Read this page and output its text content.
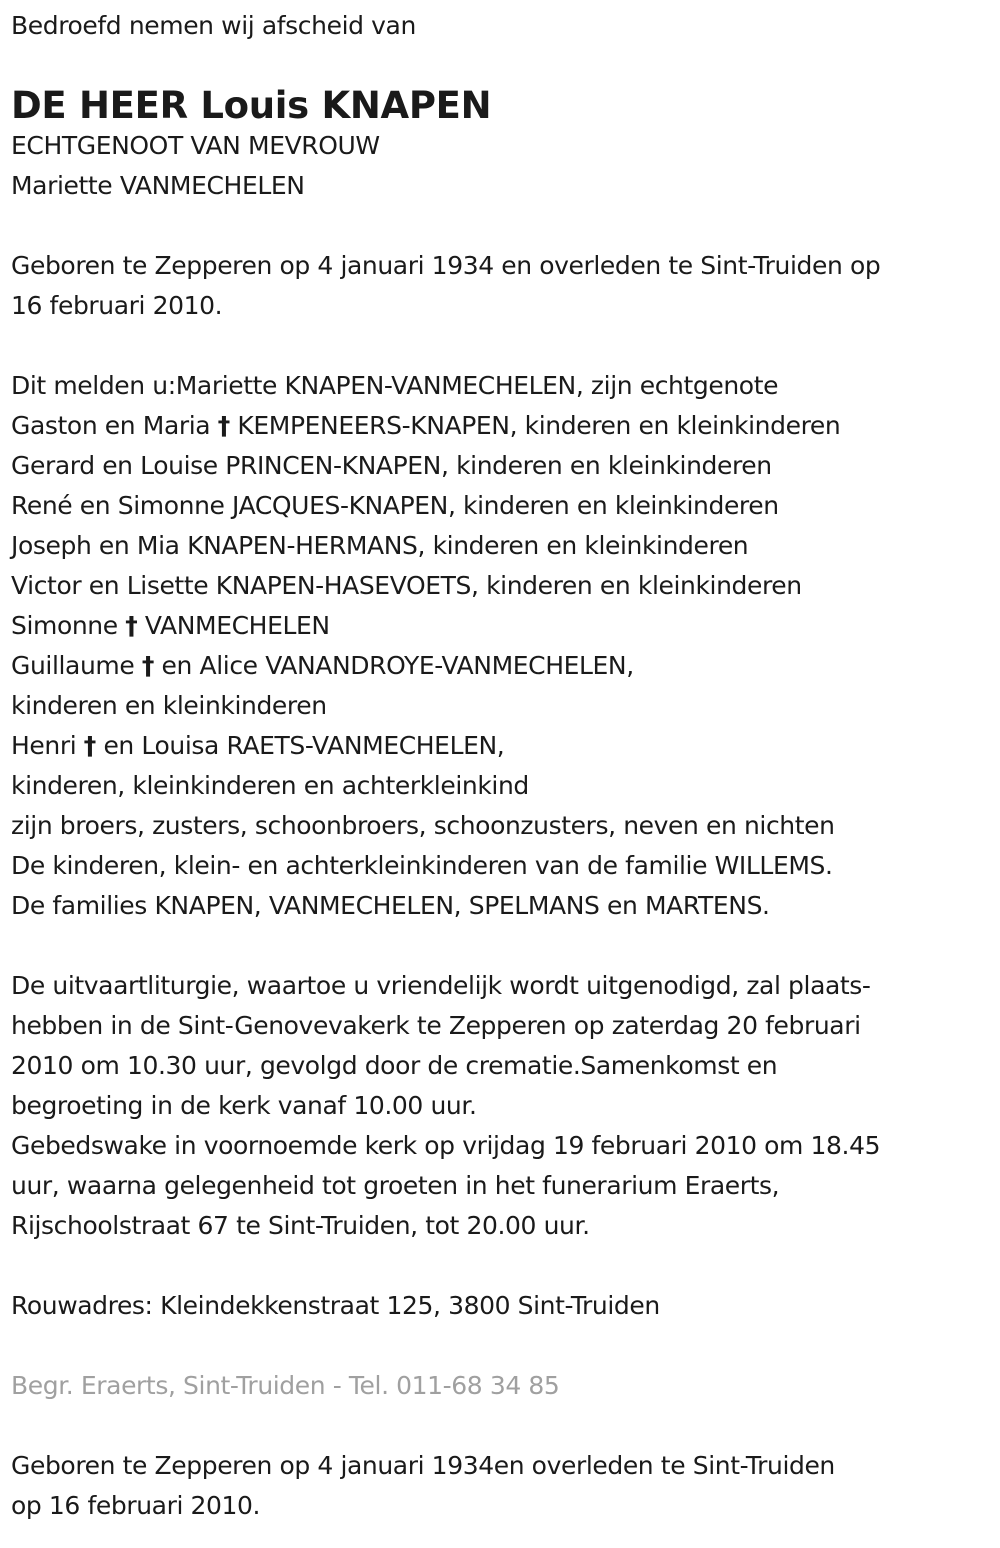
Bedroefd nemen wij afscheid van
DE HEER Louis KNAPEN
ECHTGENOOT VAN MEVROUW
Mariette VANMECHELEN
Geboren te Zepperen op 4 januari 1934 en overleden te Sint-Truiden op
16 februari 2010.
Dit melden u:Mariette KNAPEN-VANMECHELEN, zijn echtgenote
Gaston en Maria † KEMPENEERS-KNAPEN, kinderen en kleinkinderen
Gerard en Louise PRINCEN-KNAPEN, kinderen en kleinkinderen
René en Simonne JACQUES-KNAPEN, kinderen en kleinkinderen
Joseph en Mia KNAPEN-HERMANS, kinderen en kleinkinderen
Victor en Lisette KNAPEN-HASEVOETS, kinderen en kleinkinderen
Simonne † VANMECHELEN
Guillaume † en Alice VANANDROYE-VANMECHELEN,
kinderen en kleinkinderen
Henri † en Louisa RAETS-VANMECHELEN,
kinderen, kleinkinderen en achterkleinkind
zijn broers, zusters, schoonbroers, schoonzusters, neven en nichten
De kinderen, klein- en achterkleinkinderen van de familie WILLEMS.
De families KNAPEN, VANMECHELEN, SPELMANS en MARTENS.
De uitvaartliturgie, waartoe u vriendelijk wordt uitgenodigd, zal plaats-
hebben in de Sint-Genovevakerk te Zepperen op zaterdag 20 februari
2010 om 10.30 uur, gevolgd door de crematie.Samenkomst en
begroeting in de kerk vanaf 10.00 uur.
Gebedswake in voornoemde kerk op vrijdag 19 februari 2010 om 18.45
uur, waarna gelegenheid tot groeten in het funerarium Eraerts,
Rijschoolstraat 67 te Sint-Truiden, tot 20.00 uur.
Rouwadres: Kleindekkenstraat 125, 3800 Sint-Truiden
Begr. Eraerts, Sint-Truiden - Tel. 011-68 34 85
Geboren te Zepperen op 4 januari 1934en overleden te Sint-Truiden
op 16 februari 2010.
